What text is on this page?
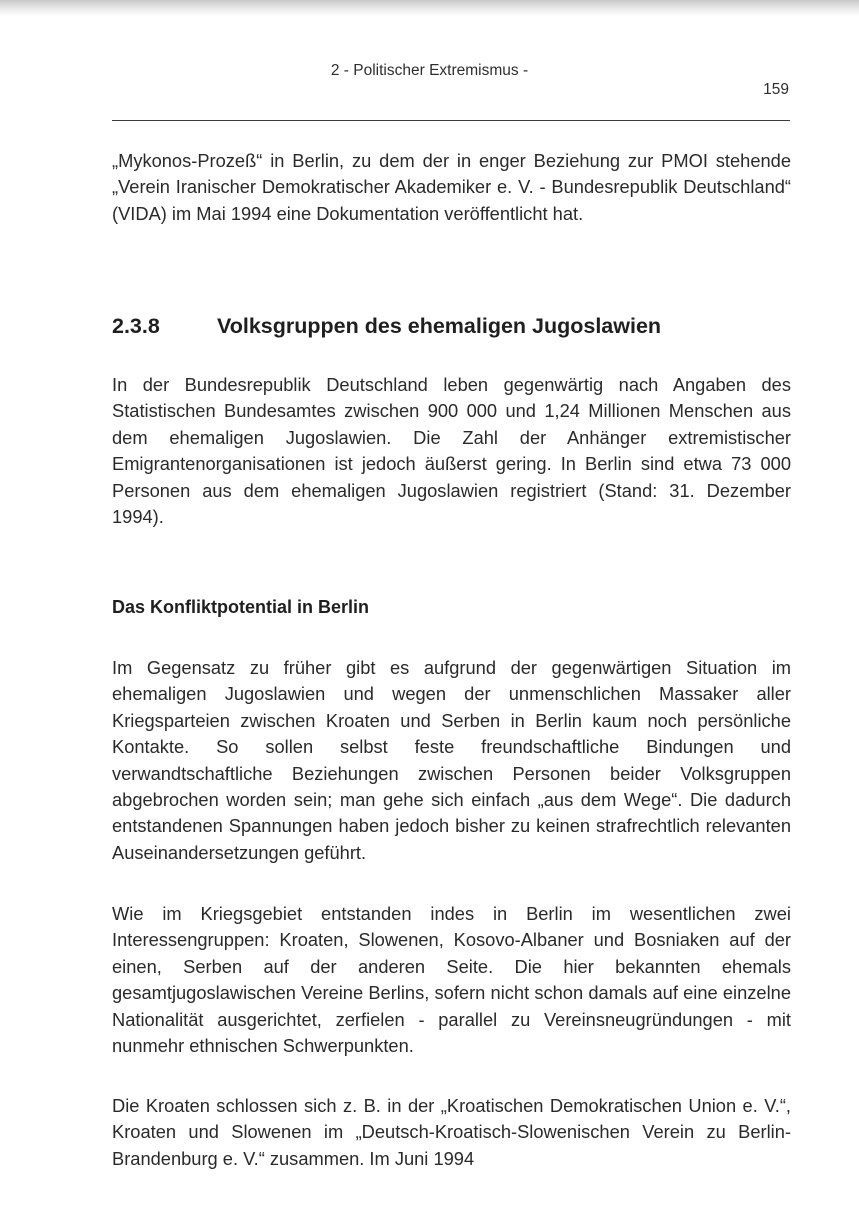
2 - Politischer Extremismus -
159

„Mykonos-Prozeß“ in Berlin, zu dem der in enger Beziehung zur PMOI stehende „Verein Iranischer Demokratischer Akademiker e. V. - Bundesrepublik Deutschland“ (VIDA) im Mai 1994 eine Dokumentation veröffentlicht hat.

2.3.8	Volksgruppen des ehemaligen Jugoslawien

In der Bundesrepublik Deutschland leben gegenwärtig nach Angaben des Statistischen Bundesamtes zwischen 900 000 und 1,24 Millionen Menschen aus dem ehemaligen Jugoslawien. Die Zahl der Anhänger extremistischer Emigrantenorganisationen ist jedoch äußerst gering. In Berlin sind etwa 73 000 Personen aus dem ehemaligen Jugoslawien registriert (Stand: 31. Dezember 1994).

Das Konfliktpotential in Berlin

Im Gegensatz zu früher gibt es aufgrund der gegenwärtigen Situation im ehemaligen Jugoslawien und wegen der unmenschlichen Massaker aller Kriegsparteien zwischen Kroaten und Serben in Berlin kaum noch persönliche Kontakte. So sollen selbst feste freundschaftliche Bindungen und verwandtschaftliche Beziehungen zwischen Personen beider Volksgruppen abgebrochen worden sein; man gehe sich einfach „aus dem Wege“. Die dadurch entstandenen Spannungen haben jedoch bisher zu keinen strafrechtlich relevanten Auseinandersetzungen geführt.

Wie im Kriegsgebiet entstanden indes in Berlin im wesentlichen zwei Interessengruppen: Kroaten, Slowenen, Kosovo-Albaner und Bosniaken auf der einen, Serben auf der anderen Seite. Die hier bekannten ehemals gesamtjugoslawischen Vereine Berlins, sofern nicht schon damals auf eine einzelne Nationalität ausgerichtet, zerfielen - parallel zu Vereinsneugründungen - mit nunmehr ethnischen Schwerpunkten.

Die Kroaten schlossen sich z. B. in der „Kroatischen Demokratischen Union e. V.“, Kroaten und Slowenen im „Deutsch-Kroatisch-Slowenischen Verein zu Berlin-Brandenburg e. V.“ zusammen. Im Juni 1994
